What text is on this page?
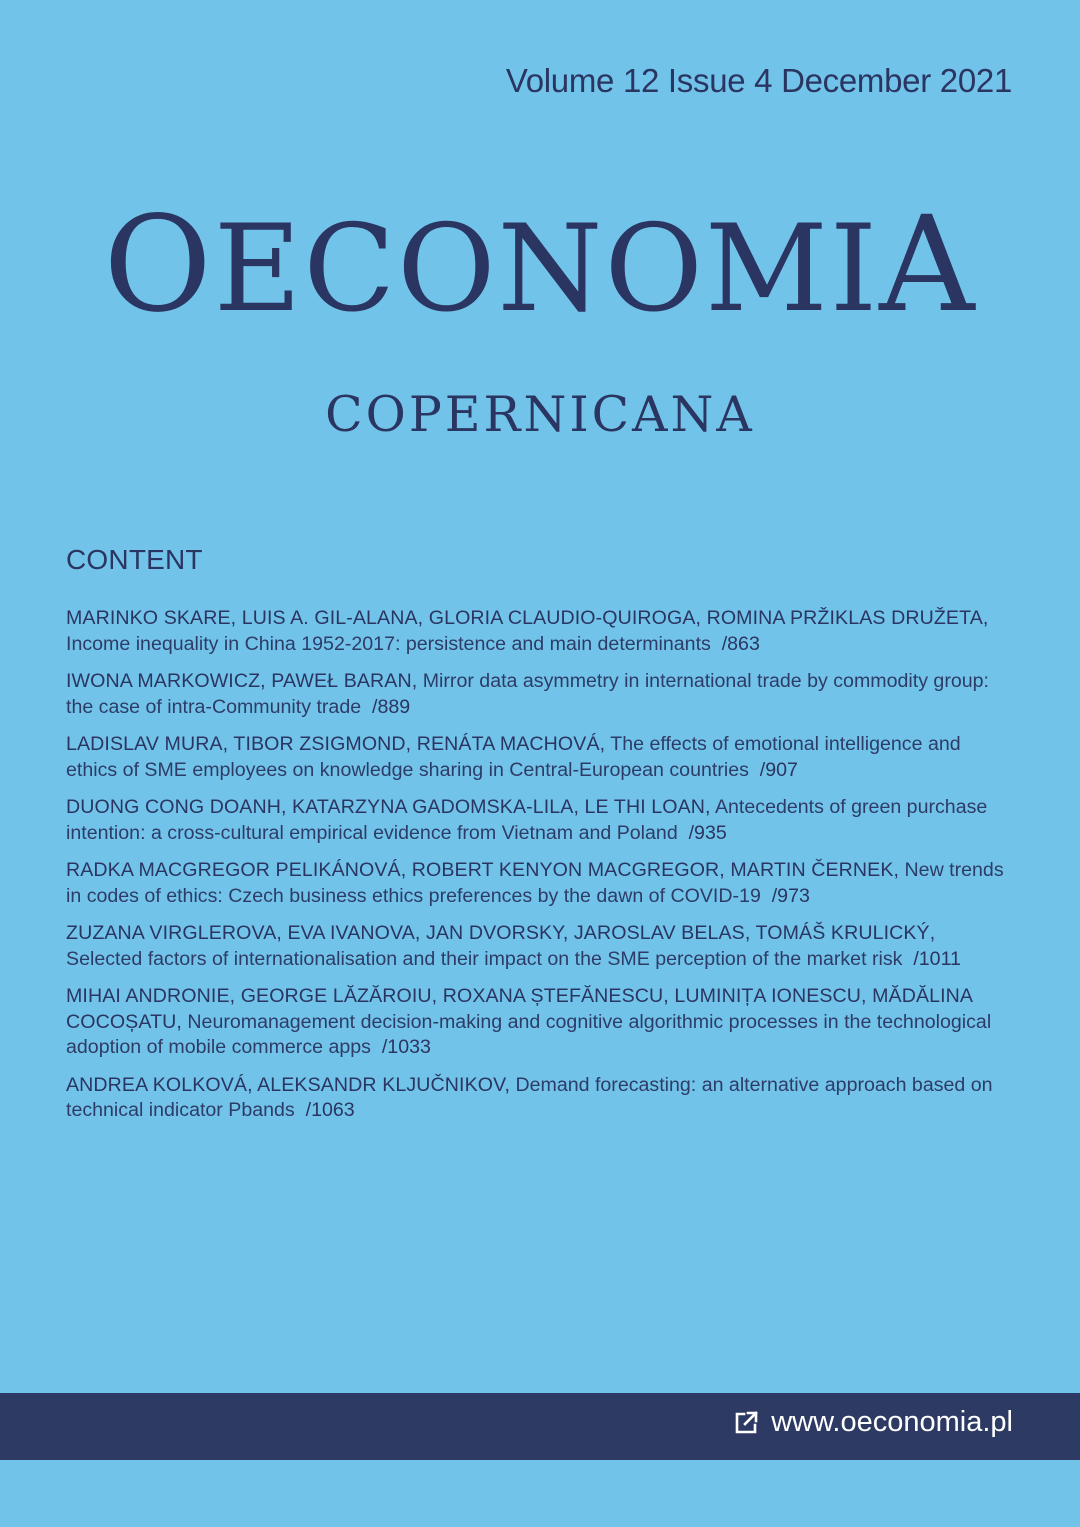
Volume 12 Issue 4 December 2021
OECONOMIA
copernicana
CONTENT
MARINKO SKARE, LUIS A. GIL-ALANA, GLORIA CLAUDIO-QUIROGA, ROMINA PRŽIKLAS DRUŽETA, Income inequality in China 1952-2017: persistence and main determinants /863
IWONA MARKOWICZ, PAWEŁ BARAN, Mirror data asymmetry in international trade by commodity group: the case of intra-Community trade /889
LADISLAV MURA, TIBOR ZSIGMOND, RENÁTA MACHOVÁ, The effects of emotional intelligence and ethics of SME employees on knowledge sharing in Central-European countries /907
DUONG CONG DOANH, KATARZYNA GADOMSKA-LILA, LE THI LOAN, Antecedents of green purchase intention: a cross-cultural empirical evidence from Vietnam and Poland /935
RADKA MACGREGOR PELIKÁNOVÁ, ROBERT KENYON MACGREGOR, MARTIN ČERNEK, New trends in codes of ethics: Czech business ethics preferences by the dawn of COVID-19 /973
ZUZANA VIRGLEROVA, EVA IVANOVA, JAN DVORSKY, JAROSLAV BELAS, TOMÁŠ KRULICKÝ, Selected factors of internationalisation and their impact on the SME perception of the market risk /1011
MIHAI ANDRONIE, GEORGE LĂZĂROIU, ROXANA ȘTEFĂNESCU, LUMINIȚA IONESCU, MĂDĂLINA COCOȘATU, Neuromanagement decision-making and cognitive algorithmic processes in the technological adoption of mobile commerce apps /1033
ANDREA KOLKOVÁ, ALEKSANDR KLJUČNIKOV, Demand forecasting: an alternative approach based on technical indicator Pbands /1063
www.oeconomia.pl
